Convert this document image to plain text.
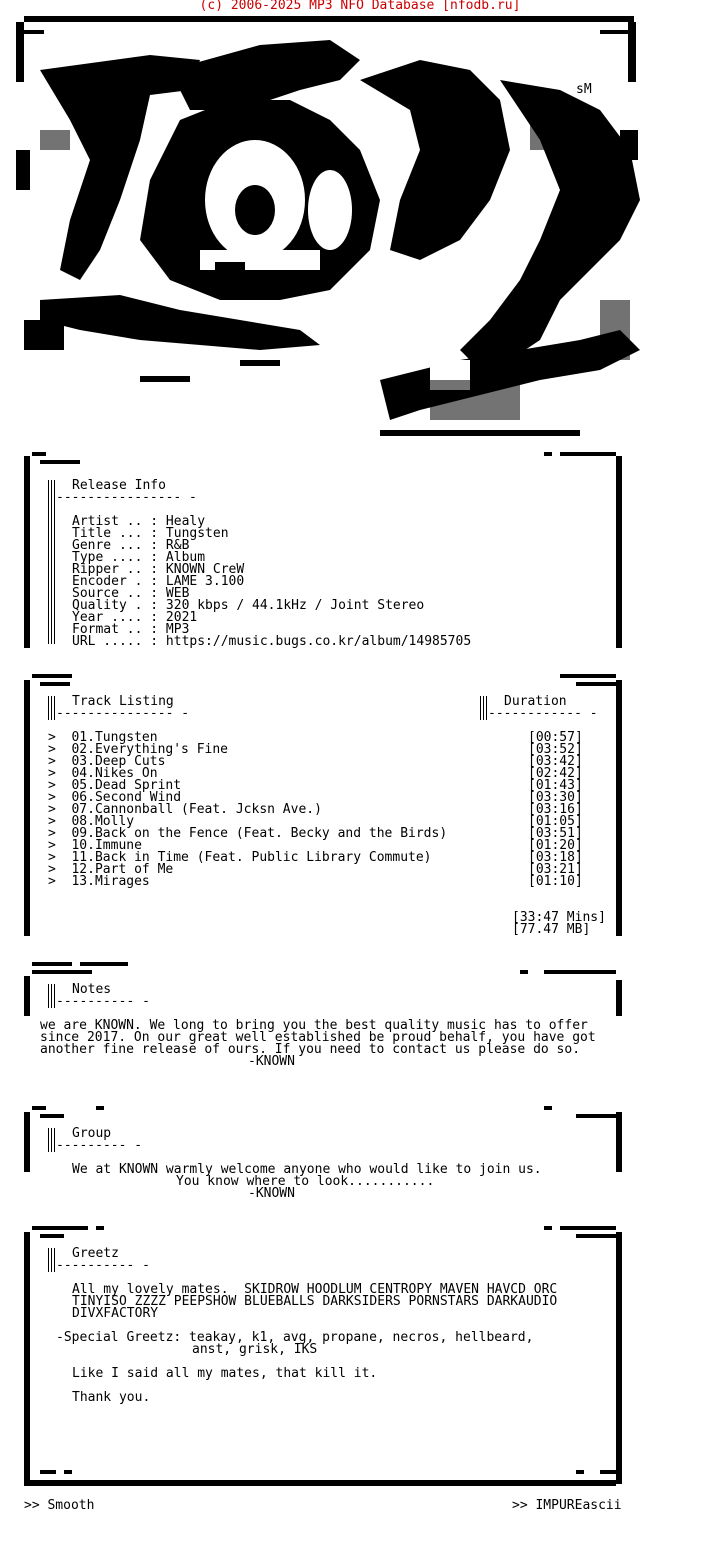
(c) 2006-2025 MP3 NFO Database [nfodb.ru]
sM
Release Info
---------------- -
Artist .. : Healy
Title ... : Tungsten
Genre ... : R&B
Type .... : Album
Ripper .. : KNOWN CreW
Encoder . : LAME 3.100
Source .. : WEB
Quality . : 320 kbps / 44.1kHz / Joint Stereo
Year .... : 2021
Format .. : MP3
URL ..... : https://music.bugs.co.kr/album/14985705
Track Listing
--------------- -
Duration
------------ -
>  01.Tungsten	[00:57]
>  02.Everything's Fine	[03:52]
>  03.Deep Cuts	[03:42]
>  04.Nikes On	[02:42]
>  05.Dead Sprint	[01:43]
>  06.Second Wind	[03:30]
>  07.Cannonball (Feat. Jcksn Ave.)	[03:16]
>  08.Molly	[01:05]
>  09.Back on the Fence (Feat. Becky and the Birds)	[03:51]
>  10.Immune	[01:20]
>  11.Back in Time (Feat. Public Library Commute)	[03:18]
>  12.Part of Me	[03:21]
>  13.Mirages	[01:10]
[33:47 Mins]
[77.47 MB]
Notes
---------- -
we are KNOWN. We long to bring you the best quality music has to offer
since 2017. On our great well established be proud behalf, you have got
another fine release of ours. If you need to contact us please do so.
-KNOWN
Group
--------- -
We at KNOWN warmly welcome anyone who would like to join us.
You know where to look...........
-KNOWN
Greetz
---------- -
All my lovely mates.  SKIDROW HOODLUM CENTROPY MAVEN HAVCD ORC
TINYISO ZZZZ PEEPSHOW BLUEBALLS DARKSIDERS PORNSTARS DARKAUDIO
DIVXFACTORY
-Special Greetz: teakay, k1, avg, propane, necros, hellbeard,
anst, grisk, IKS
Like I said all my mates, that kill it.
Thank you.
>> Smooth	>> IMPUREascii
